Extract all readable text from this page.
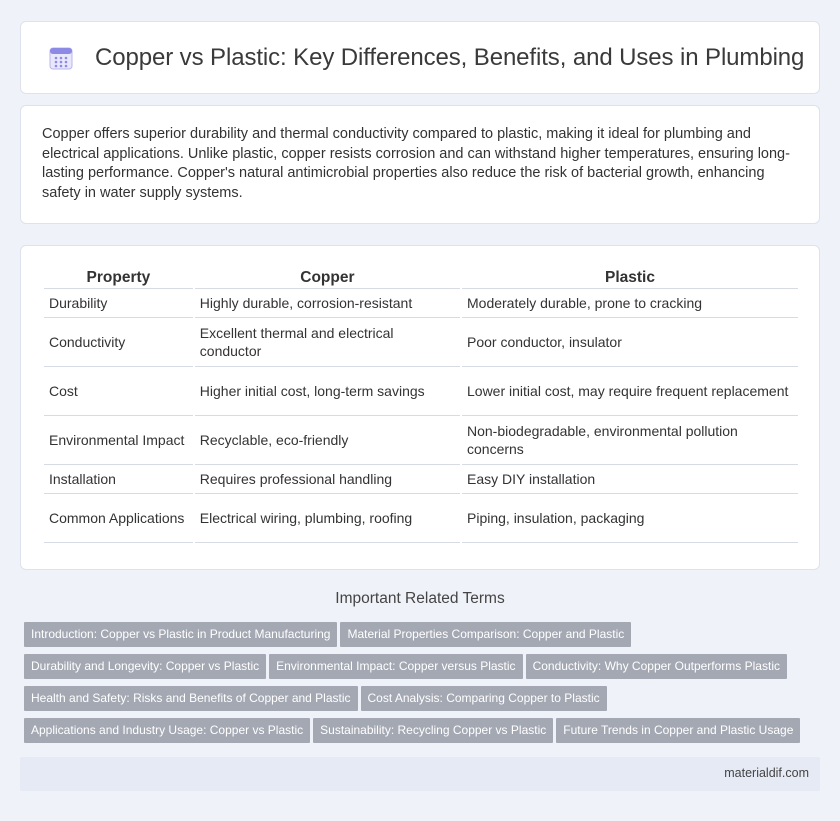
Copper vs Plastic: Key Differences, Benefits, and Uses in Plumbing

Copper offers superior durability and thermal conductivity compared to plastic, making it ideal for plumbing and electrical applications. Unlike plastic, copper resists corrosion and can withstand higher temperatures, ensuring long-lasting performance. Copper's natural antimicrobial properties also reduce the risk of bacterial growth, enhancing safety in water supply systems.

Property	Copper	Plastic
Durability	Highly durable, corrosion-resistant	Moderately durable, prone to cracking
Conductivity	Excellent thermal and electrical conductor	Poor conductor, insulator
Cost	Higher initial cost, long-term savings	Lower initial cost, may require frequent replacement
Environmental Impact	Recyclable, eco-friendly	Non-biodegradable, environmental pollution concerns
Installation	Requires professional handling	Easy DIY installation
Common Applications	Electrical wiring, plumbing, roofing	Piping, insulation, packaging
Important Related Terms
Introduction: Copper vs Plastic in Product Manufacturing Material Properties Comparison: Copper and Plastic
Durability and Longevity: Copper vs Plastic Environmental Impact: Copper versus Plastic Conductivity: Why Copper Outperforms Plastic
Health and Safety: Risks and Benefits of Copper and Plastic Cost Analysis: Comparing Copper to Plastic
Applications and Industry Usage: Copper vs Plastic Sustainability: Recycling Copper vs Plastic Future Trends in Copper and Plastic Usage
materialdif.com
